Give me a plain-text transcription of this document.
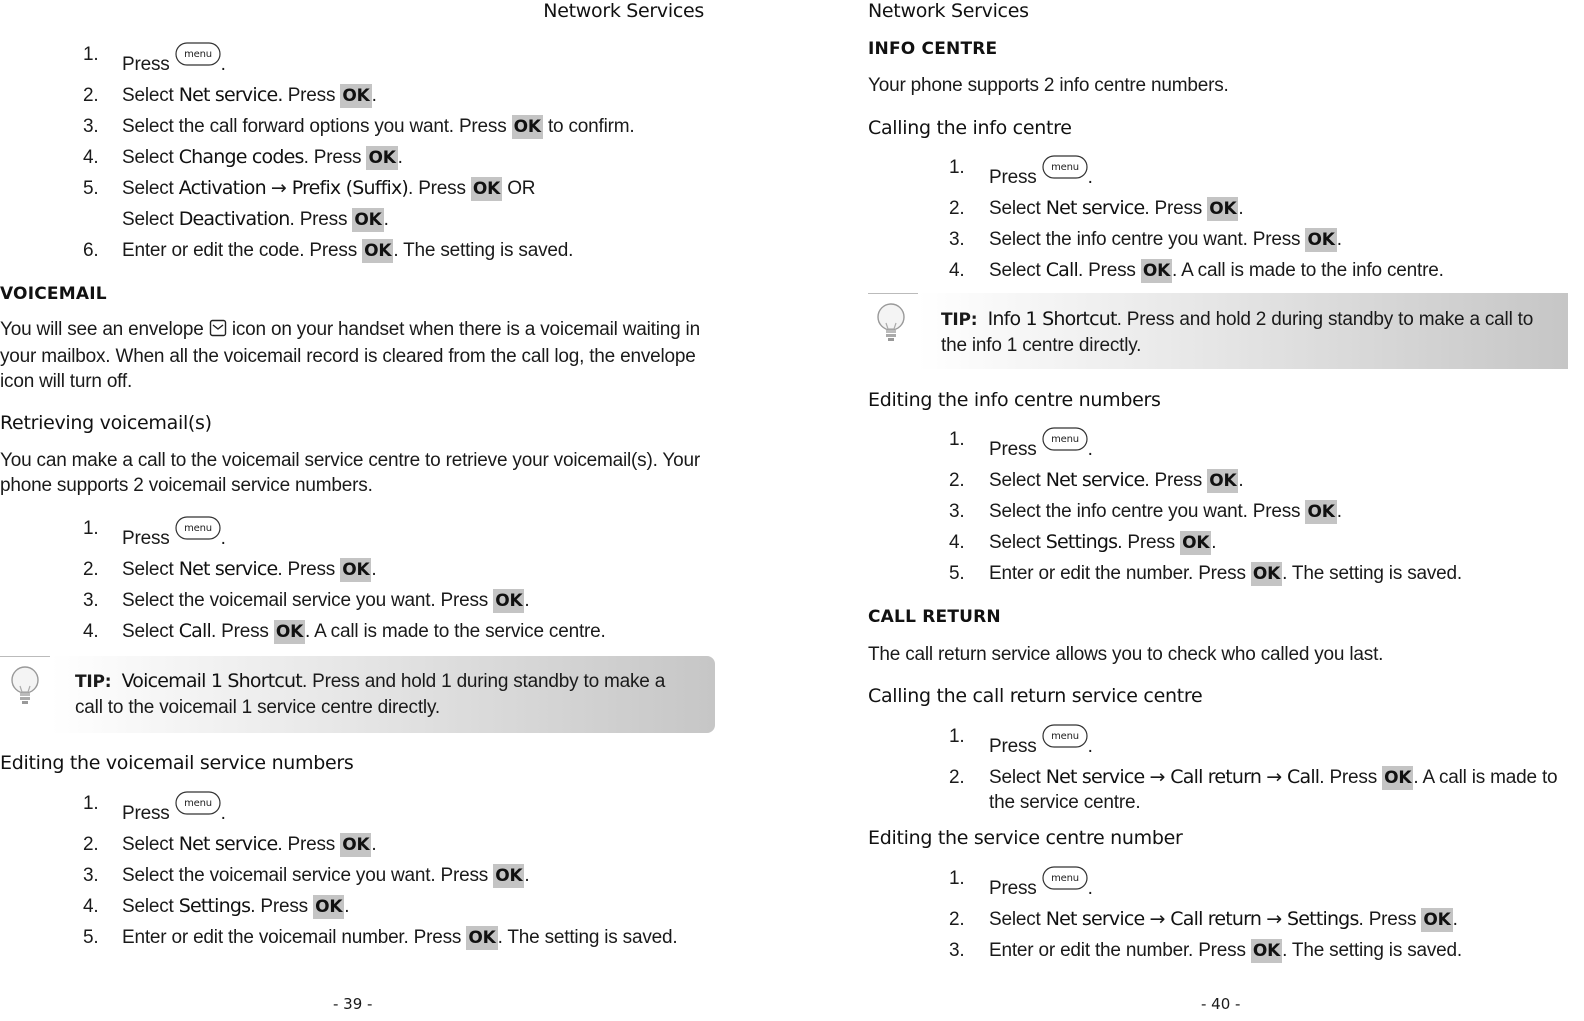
Network Services
1. Press menu .
2. Select Net service. Press OK .
3. Select the call forward options you want. Press OK to confirm.
4. Select Change codes. Press OK .
5. Select Activation → Prefix (Suffix). Press OK OR
Select Deactivation. Press OK .
6. Enter or edit the code. Press OK . The setting is saved.
VOICEMAIL
You will see an envelope icon on your handset when there is a voicemail waiting in your mailbox. When all the voicemail record is cleared from the call log, the envelope icon will turn off.
Retrieving voicemail(s)
You can make a call to the voicemail service centre to retrieve your voicemail(s). Your phone supports 2 voicemail service numbers.
1. Press menu .
2. Select Net service. Press OK .
3. Select the voicemail service you want. Press OK .
4. Select Call. Press OK . A call is made to the service centre.
TIP: Voicemail 1 Shortcut. Press and hold 1 during standby to make a call to the voicemail 1 service centre directly.
Editing the voicemail service numbers
1. Press menu .
2. Select Net service. Press OK .
3. Select the voicemail service you want. Press OK .
4. Select Settings. Press OK .
5. Enter or edit the voicemail number. Press OK . The setting is saved.
- 39 -
Network Services
INFO CENTRE
Your phone supports 2 info centre numbers.
Calling the info centre
1. Press menu .
2. Select Net service. Press OK .
3. Select the info centre you want. Press OK .
4. Select Call. Press OK . A call is made to the info centre.
TIP: Info 1 Shortcut. Press and hold 2 during standby to make a call to the info 1 centre directly.
Editing the info centre numbers
1. Press menu .
2. Select Net service. Press OK .
3. Select the info centre you want. Press OK .
4. Select Settings. Press OK .
5. Enter or edit the number. Press OK . The setting is saved.
CALL RETURN
The call return service allows you to check who called you last.
Calling the call return service centre
1. Press menu .
2. Select Net service → Call return → Call. Press OK . A call is made to
the service centre.
Editing the service centre number
1. Press menu .
2. Select Net service → Call return → Settings. Press OK .
3. Enter or edit the number. Press OK . The setting is saved.
- 40 -
